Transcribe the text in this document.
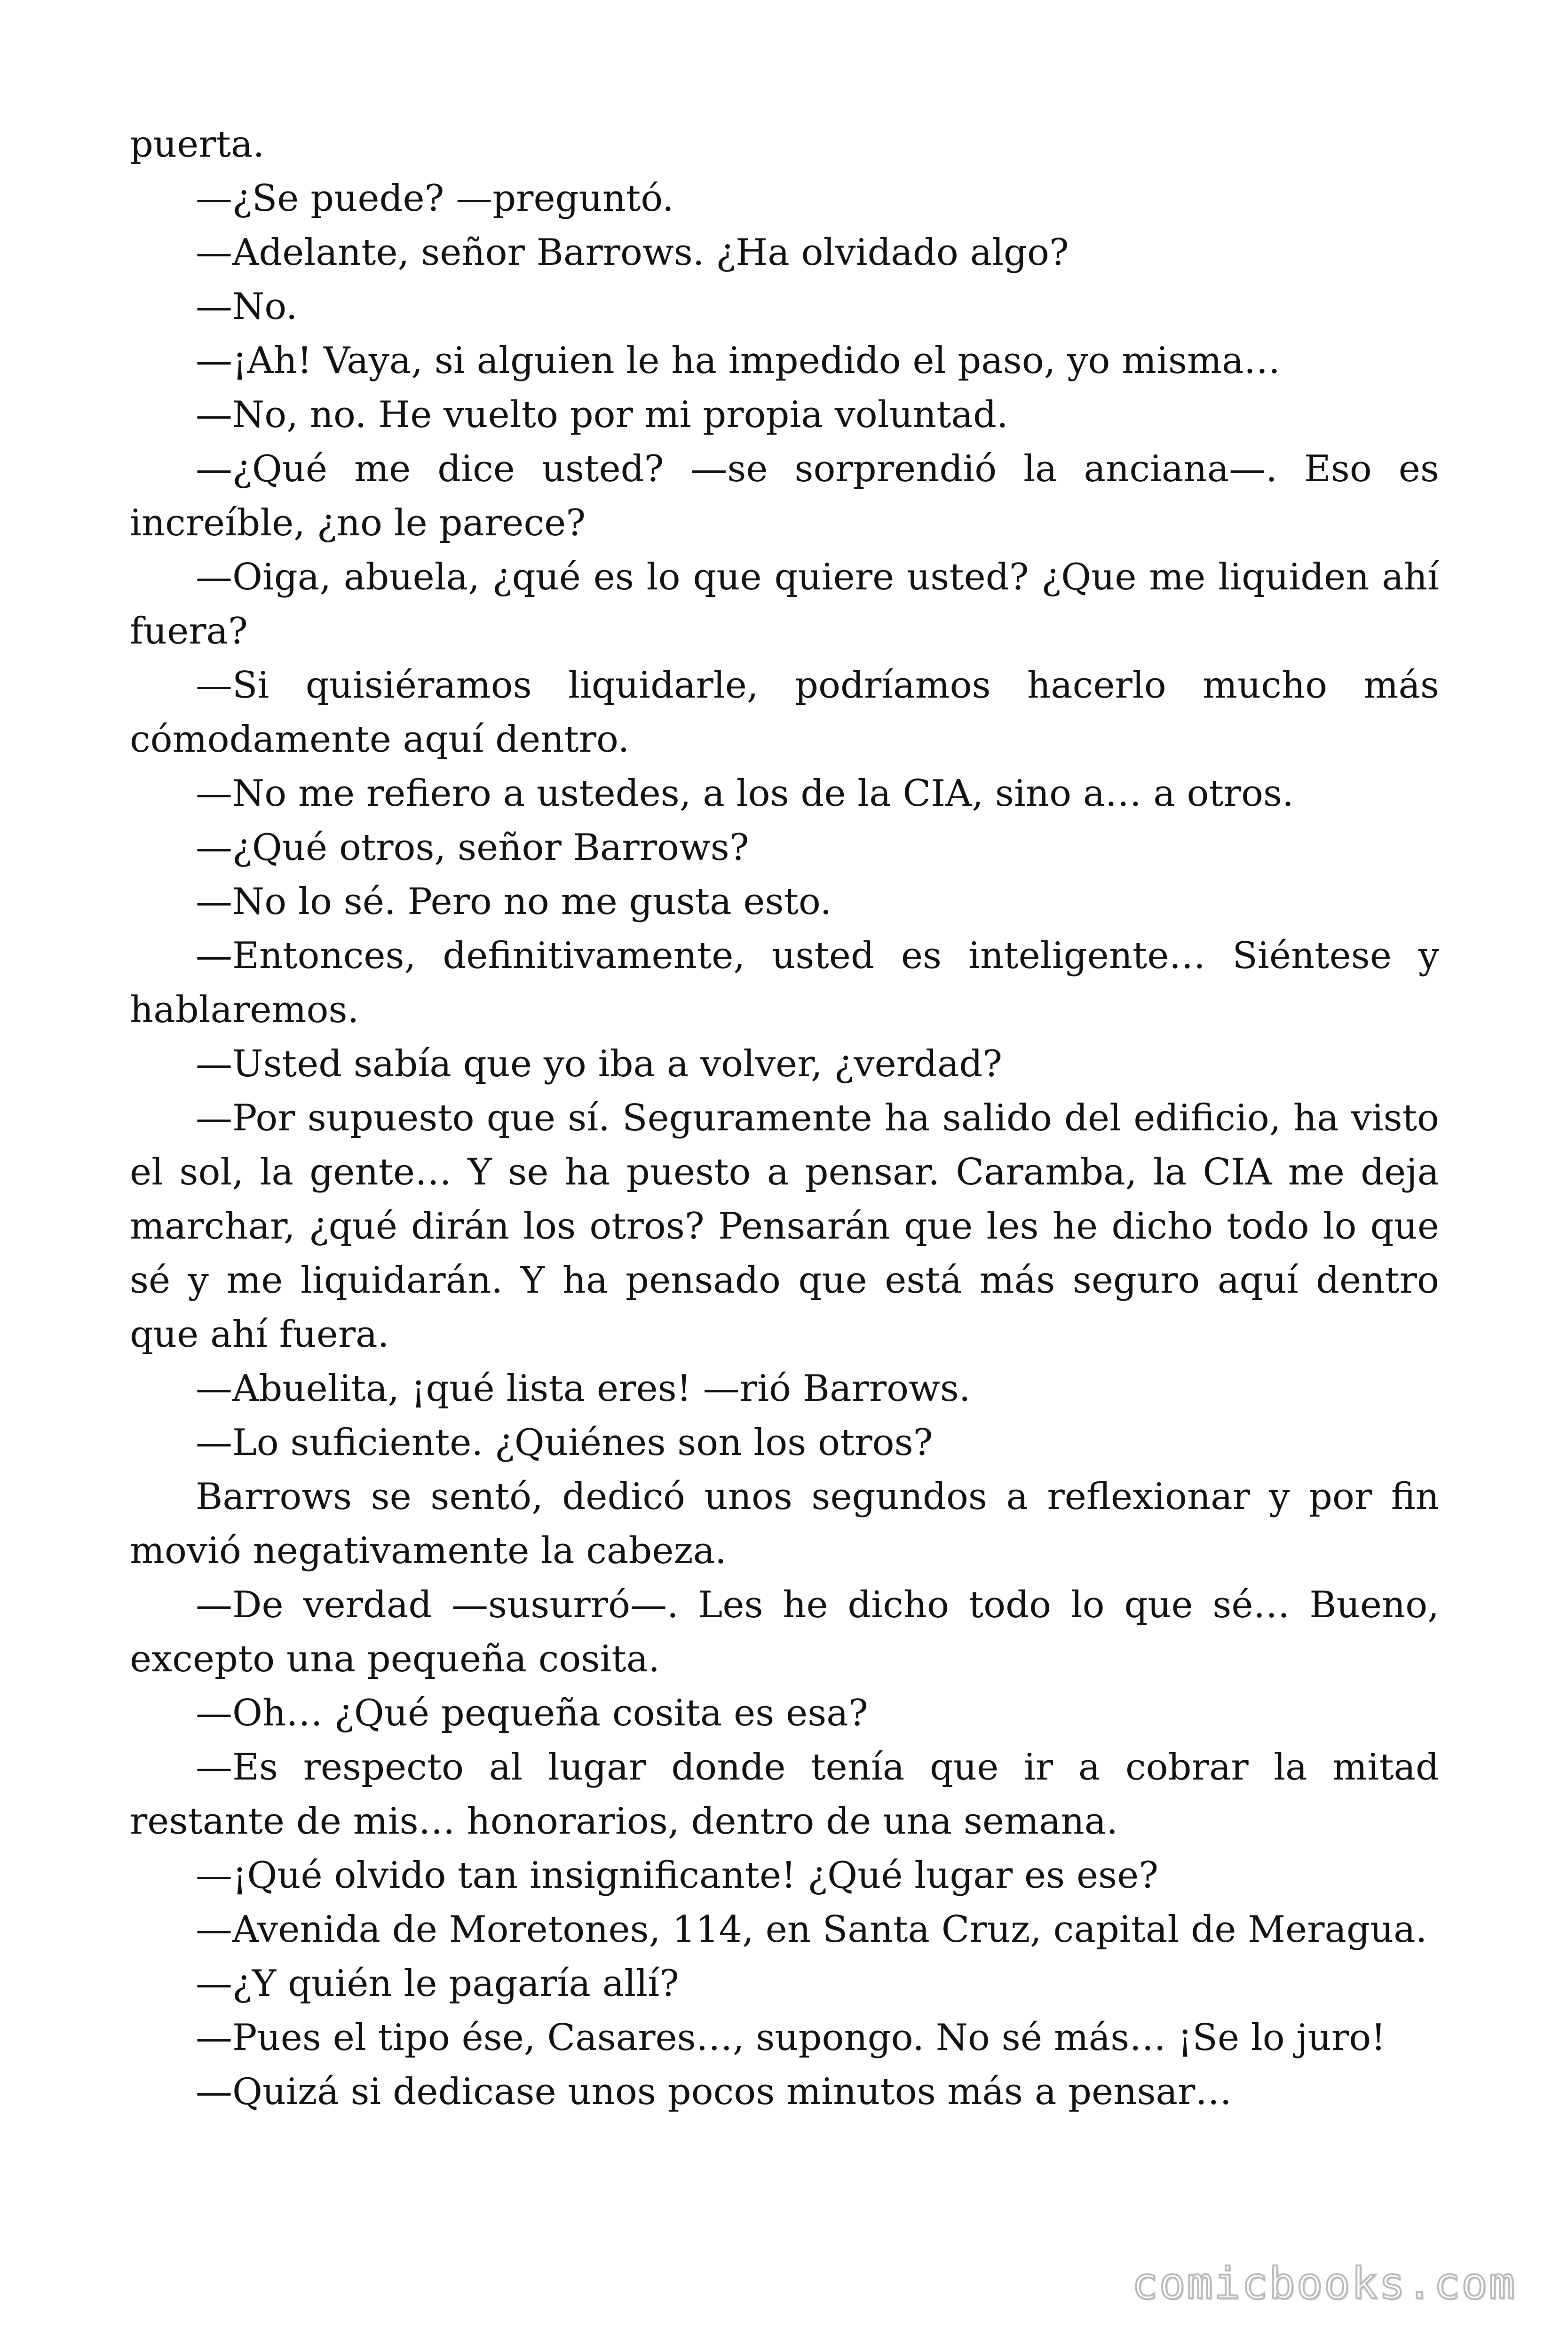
puerta.

—¿Se puede? —preguntó.

—Adelante, señor Barrows. ¿Ha olvidado algo?

—No.

—¡Ah! Vaya, si alguien le ha impedido el paso, yo misma…

—No, no. He vuelto por mi propia voluntad.

—¿Qué me dice usted? —se sorprendió la anciana—. Eso es increíble, ¿no le parece?

—Oiga, abuela, ¿qué es lo que quiere usted? ¿Que me liquiden ahí fuera?

—Si quisiéramos liquidarle, podríamos hacerlo mucho más cómodamente aquí dentro.

—No me refiero a ustedes, a los de la CIA, sino a… a otros.

—¿Qué otros, señor Barrows?

—No lo sé. Pero no me gusta esto.

—Entonces, definitivamente, usted es inteligente… Siéntese y hablaremos.

—Usted sabía que yo iba a volver, ¿verdad?

—Por supuesto que sí. Seguramente ha salido del edificio, ha visto el sol, la gente… Y se ha puesto a pensar. Caramba, la CIA me deja marchar, ¿qué dirán los otros? Pensarán que les he dicho todo lo que sé y me liquidarán. Y ha pensado que está más seguro aquí dentro que ahí fuera.

—Abuelita, ¡qué lista eres! —rió Barrows.

—Lo suficiente. ¿Quiénes son los otros?

Barrows se sentó, dedicó unos segundos a reflexionar y por fin movió negativamente la cabeza.

—De verdad —susurró—. Les he dicho todo lo que sé… Bueno, excepto una pequeña cosita.

—Oh… ¿Qué pequeña cosita es esa?

—Es respecto al lugar donde tenía que ir a cobrar la mitad restante de mis… honorarios, dentro de una semana.

—¡Qué olvido tan insignificante! ¿Qué lugar es ese?

—Avenida de Moretones, 114, en Santa Cruz, capital de Meragua.

—¿Y quién le pagaría allí?

—Pues el tipo ése, Casares…, supongo. No sé más… ¡Se lo juro!

—Quizá si dedicase unos pocos minutos más a pensar…

comicbooks.com
